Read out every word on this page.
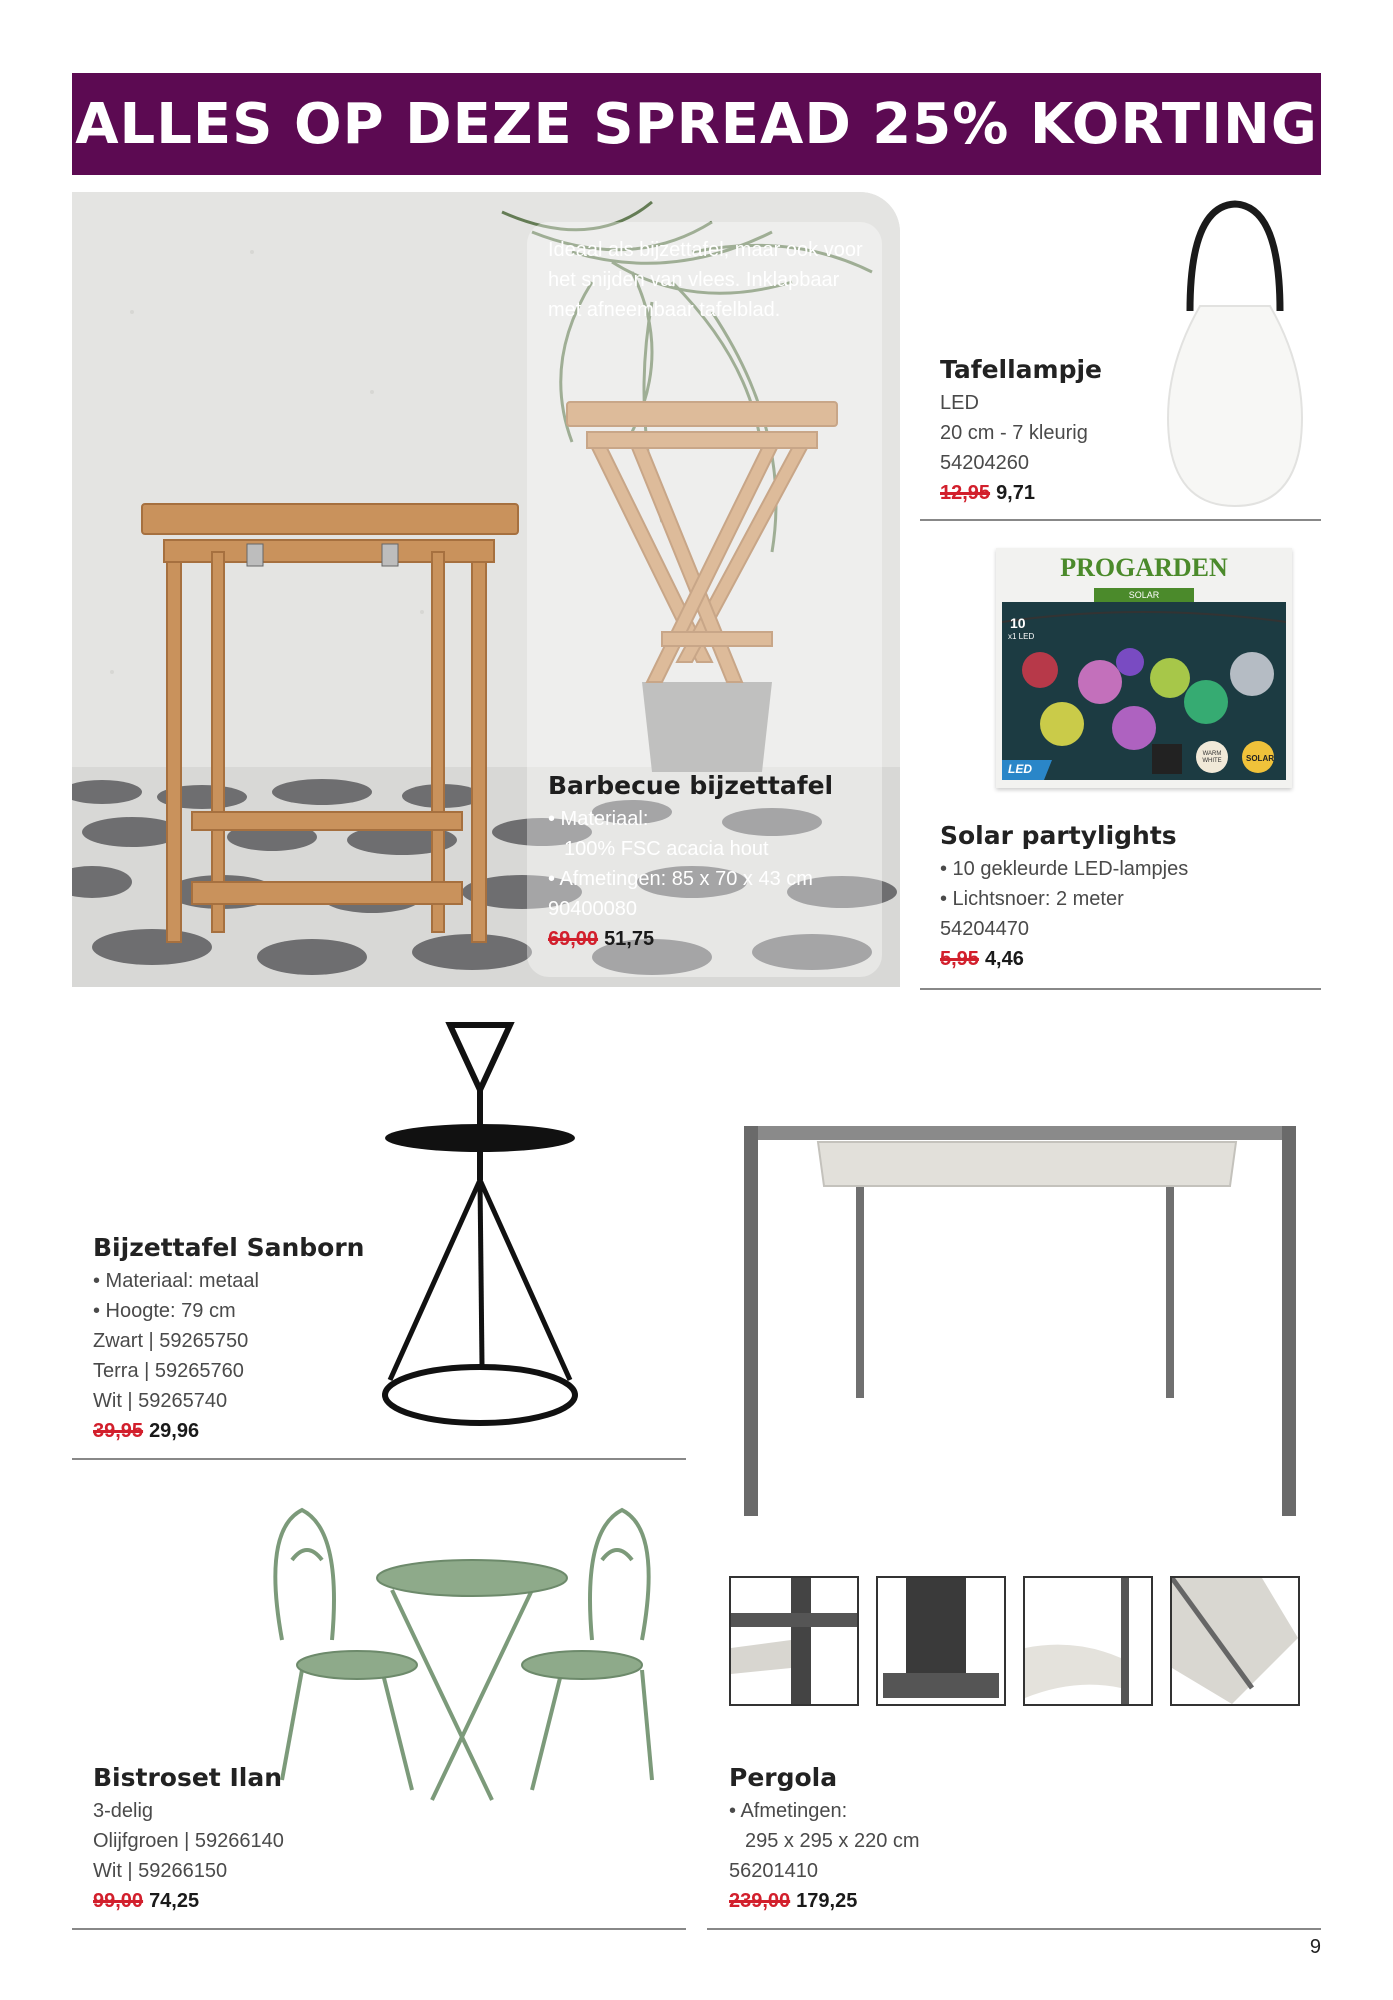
ALLES OP DEZE SPREAD 25% KORTING
Ideaal als bijzettafel, maar ook voor het snijden van vlees. Inklapbaar met afneembaar tafelblad.
Barbecue bijzettafel
• Materiaal:
100% FSC acacia hout
• Afmetingen: 85 x 70 x 43 cm
90400080
69,00 51,75
Tafellampje
LED
20 cm - 7 kleurig
54204260
12,95 9,71
PROGARDEN
SOLAR
10
x1 LED
LED
WARM WHITE	SOLAR
Solar partylights
• 10 gekleurde LED-lampjes
• Lichtsnoer: 2 meter
54204470
5,95 4,46
Bijzettafel Sanborn
• Materiaal: metaal
• Hoogte: 79 cm
Zwart | 59265750
Terra | 59265760
Wit | 59265740
39,95 29,96
Pergola
• Afmetingen:
295 x 295 x 220 cm
56201410
239,00 179,25
Bistroset Ilan
3-delig
Olijfgroen | 59266140
Wit | 59266150
99,00 74,25
9
